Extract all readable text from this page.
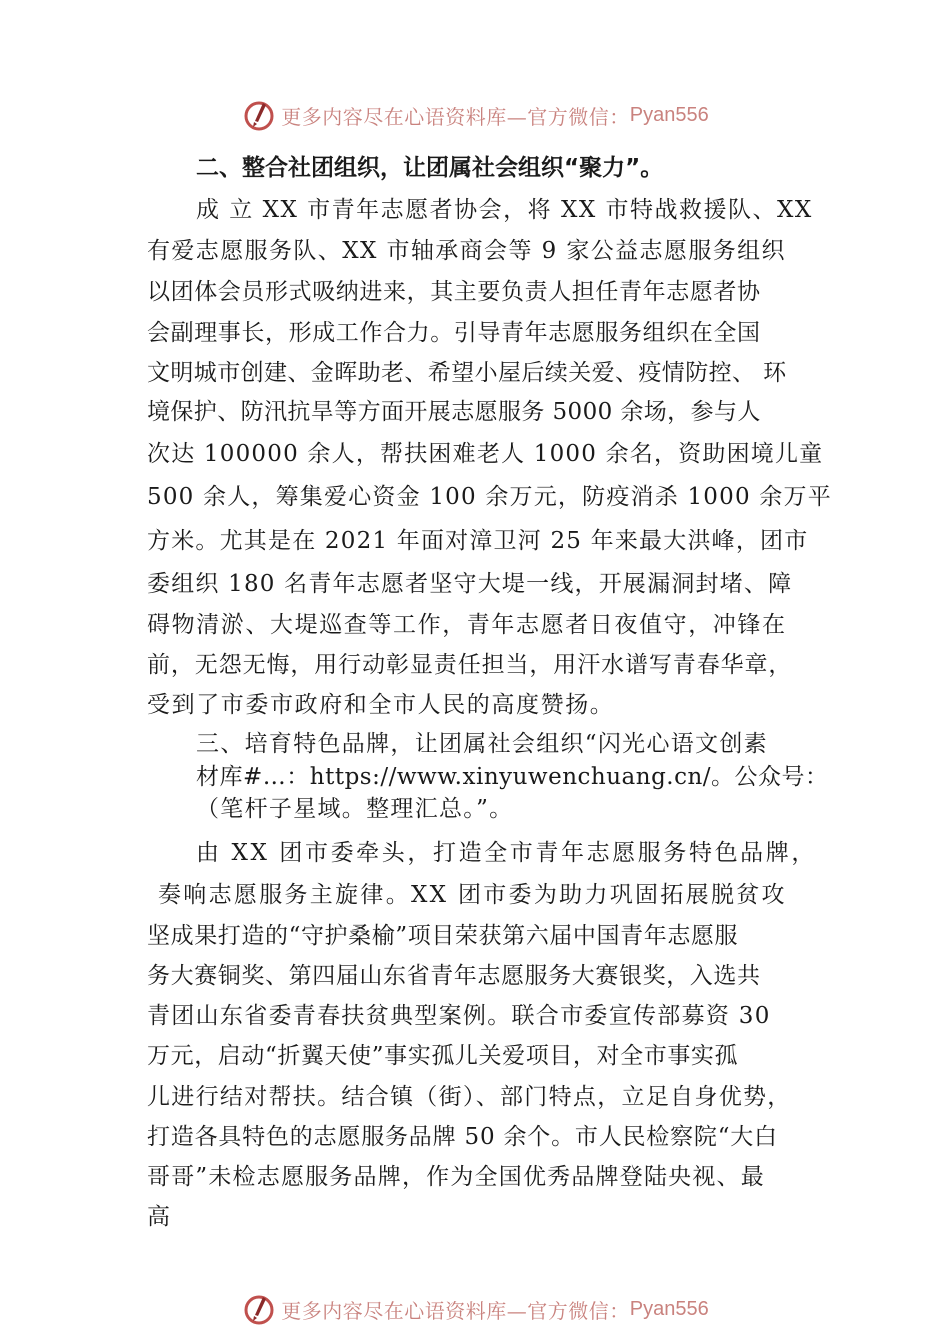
更多内容尽在心语资料库—官方微信： Pyan556
二、整合社团组织，让团属社会组织“聚力”。
成 立 XX 市青年志愿者协会，将 XX 市特战救援队、XX
有爱志愿服务队、XX 市轴承商会等 9 家公益志愿服务组织
以团体会员形式吸纳进来，其主要负责人担任青年志愿者协
会副理事长，形成工作合力。引导青年志愿服务组织在全国
文明城市创建、金晖助老、希望小屋后续关爱、疫情防控、 环
境保护、防汛抗旱等方面开展志愿服务 5000 余场，参与人
次达 100000 余人，帮扶困难老人 1000 余名，资助困境儿童
500 余人，筹集爱心资金 100 余万元，防疫消杀 1000 余万平
方米。尤其是在 2021 年面对漳卫河 25 年来最大洪峰，团市
委组织 180 名青年志愿者坚守大堤一线，开展漏洞封堵、障
碍物清淤、大堤巡查等工作，青年志愿者日夜值守，冲锋在
前，无怨无悔，用行动彰显责任担当，用汗水谱写青春华章，
受到了市委市政府和全市人民的高度赞扬。
三、培育特色品牌，让团属社会组织“闪光心语文创素
材库#…：https://www.xinyuwenchuang.cn/。公众号：
（笔杆子星域。整理汇总。”。
由 XX 团市委牵头，打造全市青年志愿服务特色品牌，
奏响志愿服务主旋律。XX 团市委为助力巩固拓展脱贫攻
坚成果打造的“守护桑榆”项目荣获第六届中国青年志愿服
务大赛铜奖、第四届山东省青年志愿服务大赛银奖，入选共
青团山东省委青春扶贫典型案例。联合市委宣传部募资 30
万元，启动“折翼天使”事实孤儿关爱项目，对全市事实孤
儿进行结对帮扶。结合镇（街）、部门特点，立足自身优势，
打造各具特色的志愿服务品牌 50 余个。市人民检察院“大白
哥哥”未检志愿服务品牌，作为全国优秀品牌登陆央视、最
高
更多内容尽在心语资料库—官方微信： Pyan556
